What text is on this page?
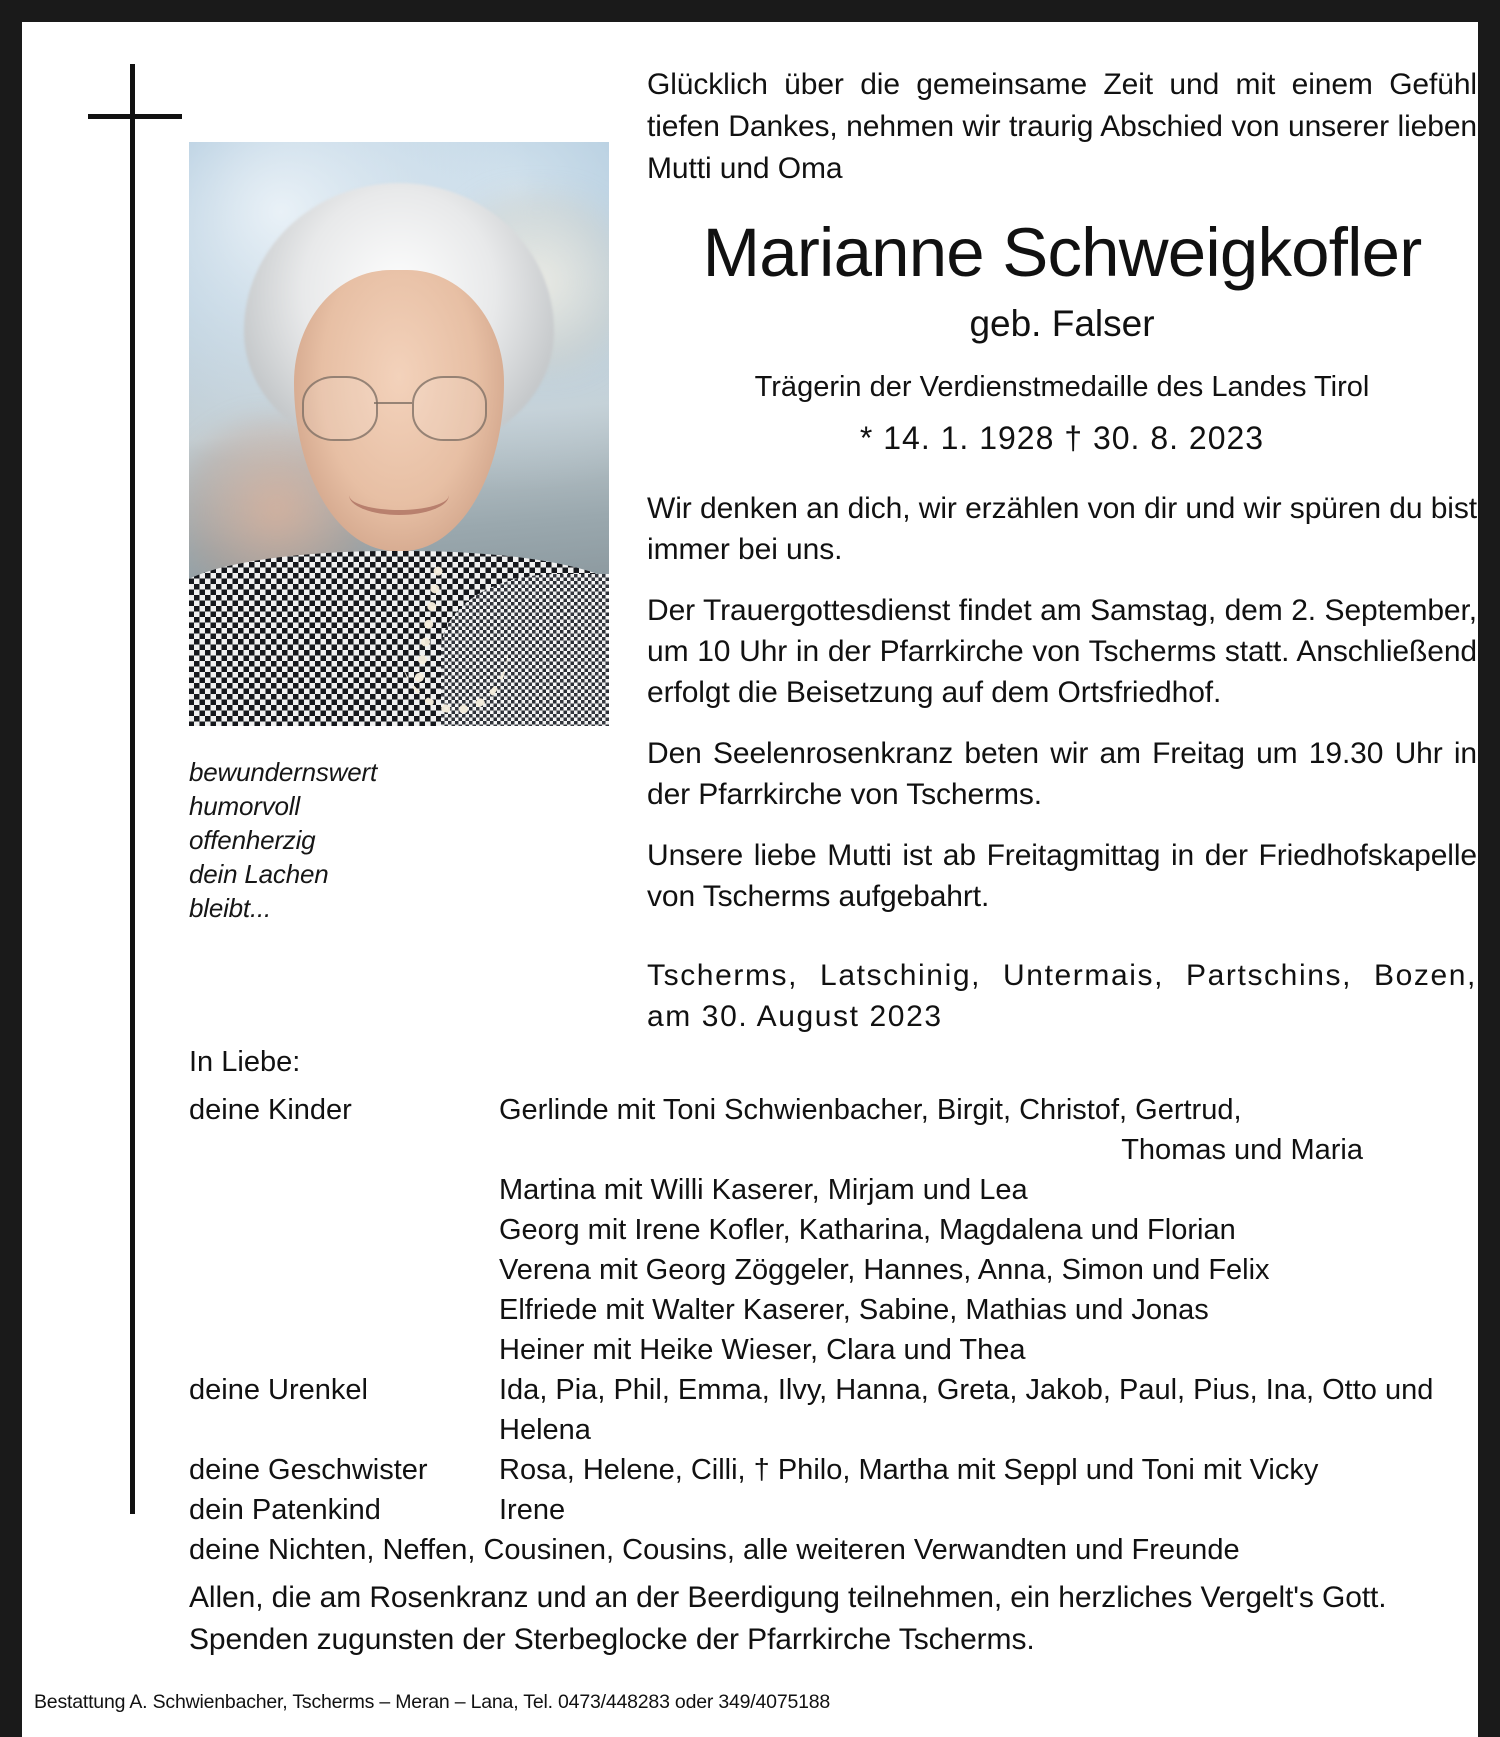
bewundernswert
humorvoll
offenherzig
dein Lachen
bleibt...
Glücklich über die gemeinsame Zeit und mit einem Gefühl tiefen Dankes, nehmen wir traurig Abschied von unserer lieben Mutti und Oma
Marianne Schweigkofler
geb. Falser
Trägerin der Verdienstmedaille des Landes Tirol
* 14. 1. 1928 † 30. 8. 2023
Wir denken an dich, wir erzählen von dir und wir spüren du bist immer bei uns.
Der Trauergottesdienst findet am Samstag, dem 2. September, um 10 Uhr in der Pfarrkirche von Tscherms statt. Anschließend erfolgt die Beisetzung auf dem Ortsfriedhof.
Den Seelenrosenkranz beten wir am Freitag um 19.30 Uhr in der Pfarrkirche von Tscherms.
Unsere liebe Mutti ist ab Freitagmittag in der Friedhofskapelle von Tscherms aufgebahrt.
Tscherms, Latschinig, Untermais, Partschins, Bozen, am 30. August 2023
In Liebe:
deine Kinder	Gerlinde mit Toni Schwienbacher, Birgit, Christof, Gertrud,
Thomas und Maria
Martina mit Willi Kaserer, Mirjam und Lea
Georg mit Irene Kofler, Katharina, Magdalena und Florian
Verena mit Georg Zöggeler, Hannes, Anna, Simon und Felix
Elfriede mit Walter Kaserer, Sabine, Mathias und Jonas
Heiner mit Heike Wieser, Clara und Thea
deine Urenkel	Ida, Pia, Phil, Emma, Ilvy, Hanna, Greta, Jakob, Paul, Pius, Ina, Otto und Helena
deine Geschwister	Rosa, Helene, Cilli, † Philo, Martha mit Seppl und Toni mit Vicky
dein Patenkind	Irene
deine Nichten, Neffen, Cousinen, Cousins, alle weiteren Verwandten und Freunde
Allen, die am Rosenkranz und an der Beerdigung teilnehmen, ein herzliches Vergelt's Gott. Spenden zugunsten der Sterbeglocke der Pfarrkirche Tscherms.
Bestattung A. Schwienbacher, Tscherms – Meran – Lana, Tel. 0473/448283 oder 349/4075188
